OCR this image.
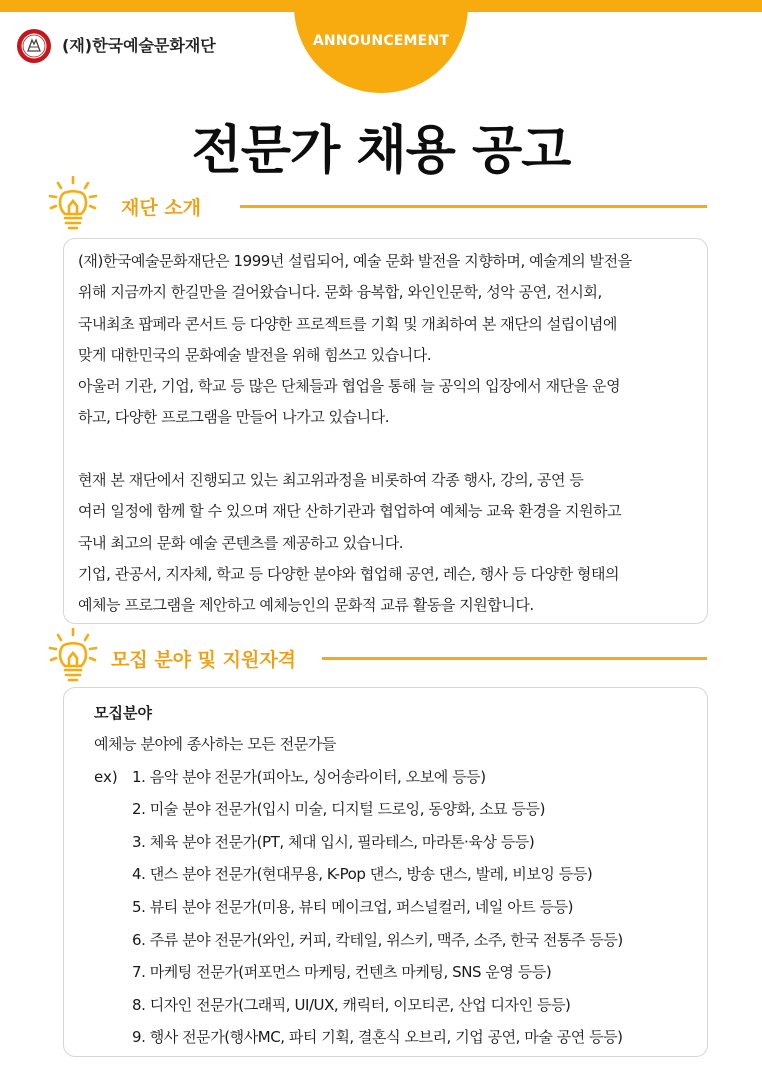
ANNOUNCEMENT
(재)한국예술문화재단
전문가 채용 공고
재단 소개

(재)한국예술문화재단은 1999년 설립되어, 예술 문화 발전을 지향하며, 예술계의 발전을

위해 지금까지 한길만을 걸어왔습니다. 문화 융복합, 와인인문학, 성악 공연, 전시회,

국내최초 팝페라 콘서트 등 다양한 프로젝트를 기획 및 개최하여 본 재단의 설립이념에

맞게 대한민국의 문화예술 발전을 위해 힘쓰고 있습니다.

아울러 기관, 기업, 학교 등 많은 단체들과 협업을 통해 늘 공익의 입장에서 재단을 운영

하고, 다양한 프로그램을 만들어 나가고 있습니다.

현재 본 재단에서 진행되고 있는 최고위과정을 비롯하여 각종 행사, 강의, 공연 등

여러 일정에 함께 할 수 있으며 재단 산하기관과 협업하여 예체능 교육 환경을 지원하고

국내 최고의 문화 예술 콘텐츠를 제공하고 있습니다.

기업, 관공서, 지자체, 학교 등 다양한 분야와 협업해 공연, 레슨, 행사 등 다양한 형태의

예체능 프로그램을 제안하고 예체능인의 문화적 교류 활동을 지원합니다.

모집 분야 및 지원자격
모집분야
예체능 분야에 종사하는 모든 전문가들
ex) 1. 음악 분야 전문가(피아노, 싱어송라이터, 오보에 등등)
2. 미술 분야 전문가(입시 미술, 디지털 드로잉, 동양화, 소묘 등등)
3. 체육 분야 전문가(PT, 체대 입시, 필라테스, 마라톤·육상 등등)
4. 댄스 분야 전문가(현대무용, K-Pop 댄스, 방송 댄스, 발레, 비보잉 등등)
5. 뷰티 분야 전문가(미용, 뷰티 메이크업, 퍼스널컬러, 네일 아트 등등)
6. 주류 분야 전문가(와인, 커피, 칵테일, 위스키, 맥주, 소주, 한국 전통주 등등)
7. 마케팅 전문가(퍼포먼스 마케팅, 컨텐츠 마케팅, SNS 운영 등등)
8. 디자인 전문가(그래픽, UI/UX, 캐릭터, 이모티콘, 산업 디자인 등등)
9. 행사 전문가(행사MC, 파티 기획, 결혼식 오브리, 기업 공연, 마술 공연 등등)
